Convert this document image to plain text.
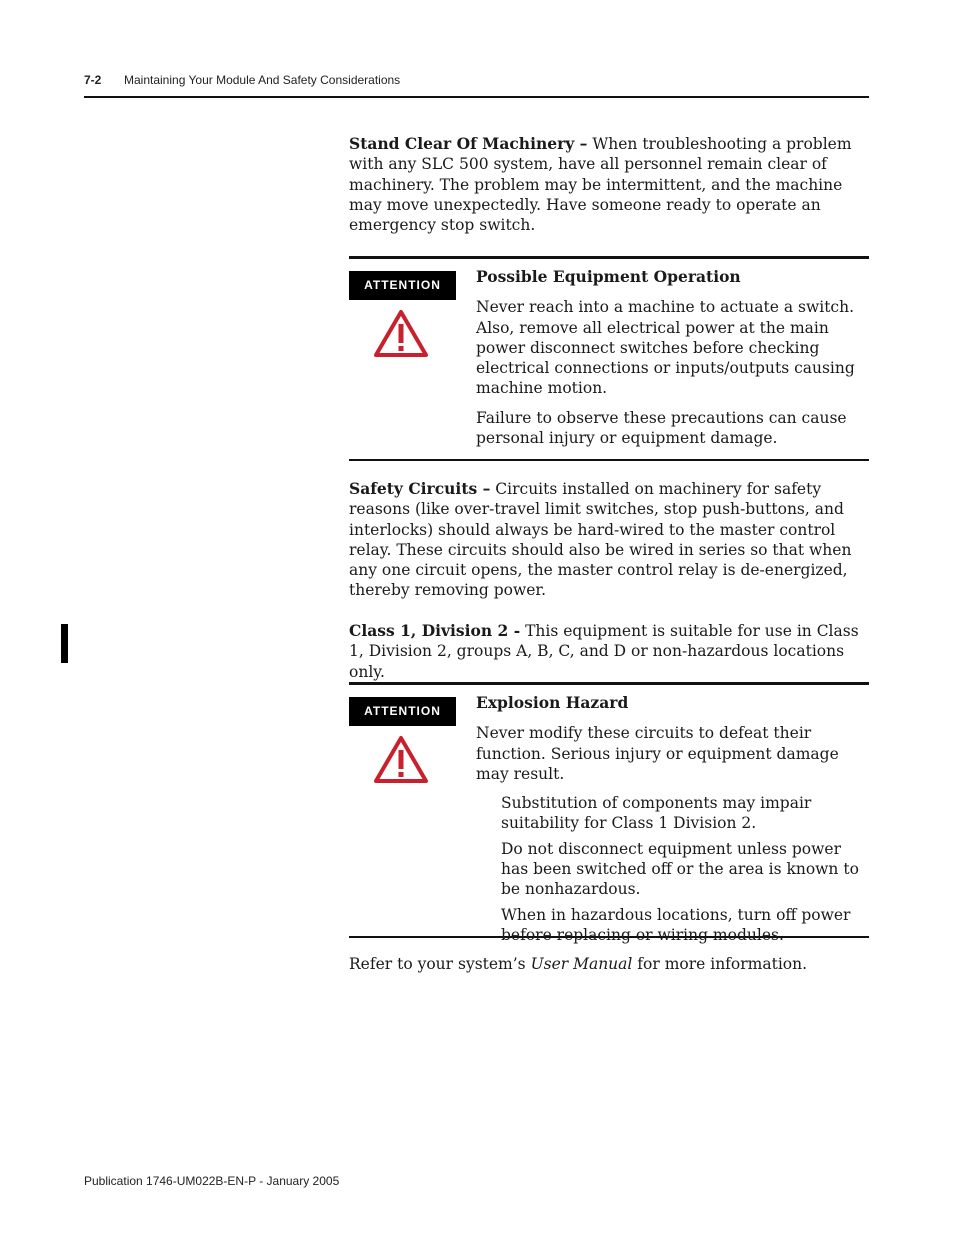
7-2 Maintaining Your Module And Safety Considerations

Stand Clear Of Machinery – When troubleshooting a problem with any SLC 500 system, have all personnel remain clear of machinery. The problem may be intermittent, and the machine may move unexpectedly. Have someone ready to operate an emergency stop switch.

ATTENTION	Possible Equipment Operation

Never reach into a machine to actuate a switch. Also, remove all electrical power at the main power disconnect switches before checking electrical connections or inputs/outputs causing machine motion.

Failure to observe these precautions can cause personal injury or equipment damage.

Safety Circuits – Circuits installed on machinery for safety reasons (like over-travel limit switches, stop push-buttons, and interlocks) should always be hard-wired to the master control relay. These circuits should also be wired in series so that when any one circuit opens, the master control relay is de-energized, thereby removing power.

Class 1, Division 2 - This equipment is suitable for use in Class 1, Division 2, groups A, B, C, and D or non-hazardous locations only.

ATTENTION	Explosion Hazard

Never modify these circuits to defeat their function. Serious injury or equipment damage may result.

Substitution of components may impair suitability for Class 1 Division 2.

Do not disconnect equipment unless power has been switched off or the area is known to be nonhazardous.

When in hazardous locations, turn off power before replacing or wiring modules.

Refer to your system’s User Manual for more information.

Publication 1746-UM022B-EN-P - January 2005
